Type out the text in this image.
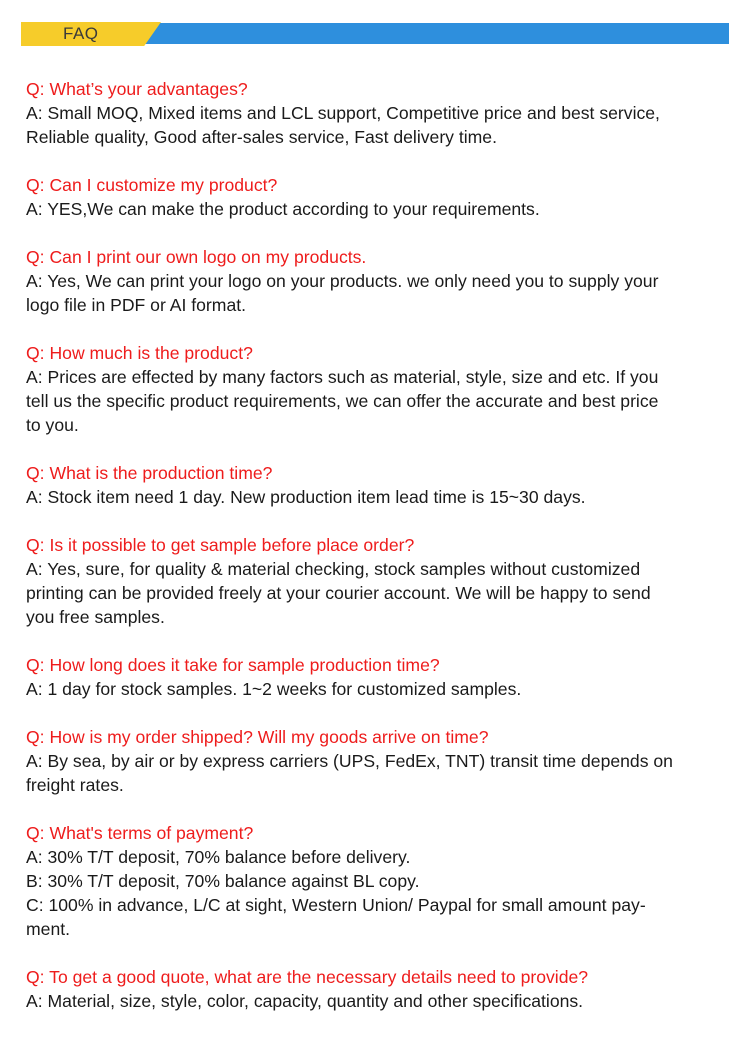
FAQ

Q: What’s your advantages?

A: Small MOQ, Mixed items and LCL support, Competitive price and best service,

Reliable quality, Good after-sales service, Fast delivery time.

Q: Can I customize my product?

A: YES,We can make the product according to your requirements.

Q: Can I print our own logo on my products.

A: Yes, We can print your logo on your products. we only need you to supply your

logo file in PDF or AI format.

Q: How much is the product?

A: Prices are effected by many factors such as material, style, size and etc. If you

tell us the specific product requirements, we can offer the accurate and best price

to you.

Q: What is the production time?

A: Stock item need 1 day. New production item lead time is 15~30 days.

Q: Is it possible to get sample before place order?

A: Yes, sure, for quality & material checking, stock samples without customized

printing can be provided freely at your courier account. We will be happy to send

you free samples.

Q: How long does it take for sample production time?

A: 1 day for stock samples. 1~2 weeks for customized samples.

Q: How is my order shipped? Will my goods arrive on time?

A: By sea, by air or by express carriers (UPS, FedEx, TNT) transit time depends on

freight rates.

Q: What's terms of payment?

A: 30% T/T deposit, 70% balance before delivery.

B: 30% T/T deposit, 70% balance against BL copy.

C: 100% in advance, L/C at sight, Western Union/ Paypal for small amount pay-

ment.

Q: To get a good quote, what are the necessary details need to provide?

A: Material, size, style, color, capacity, quantity and other specifications.
